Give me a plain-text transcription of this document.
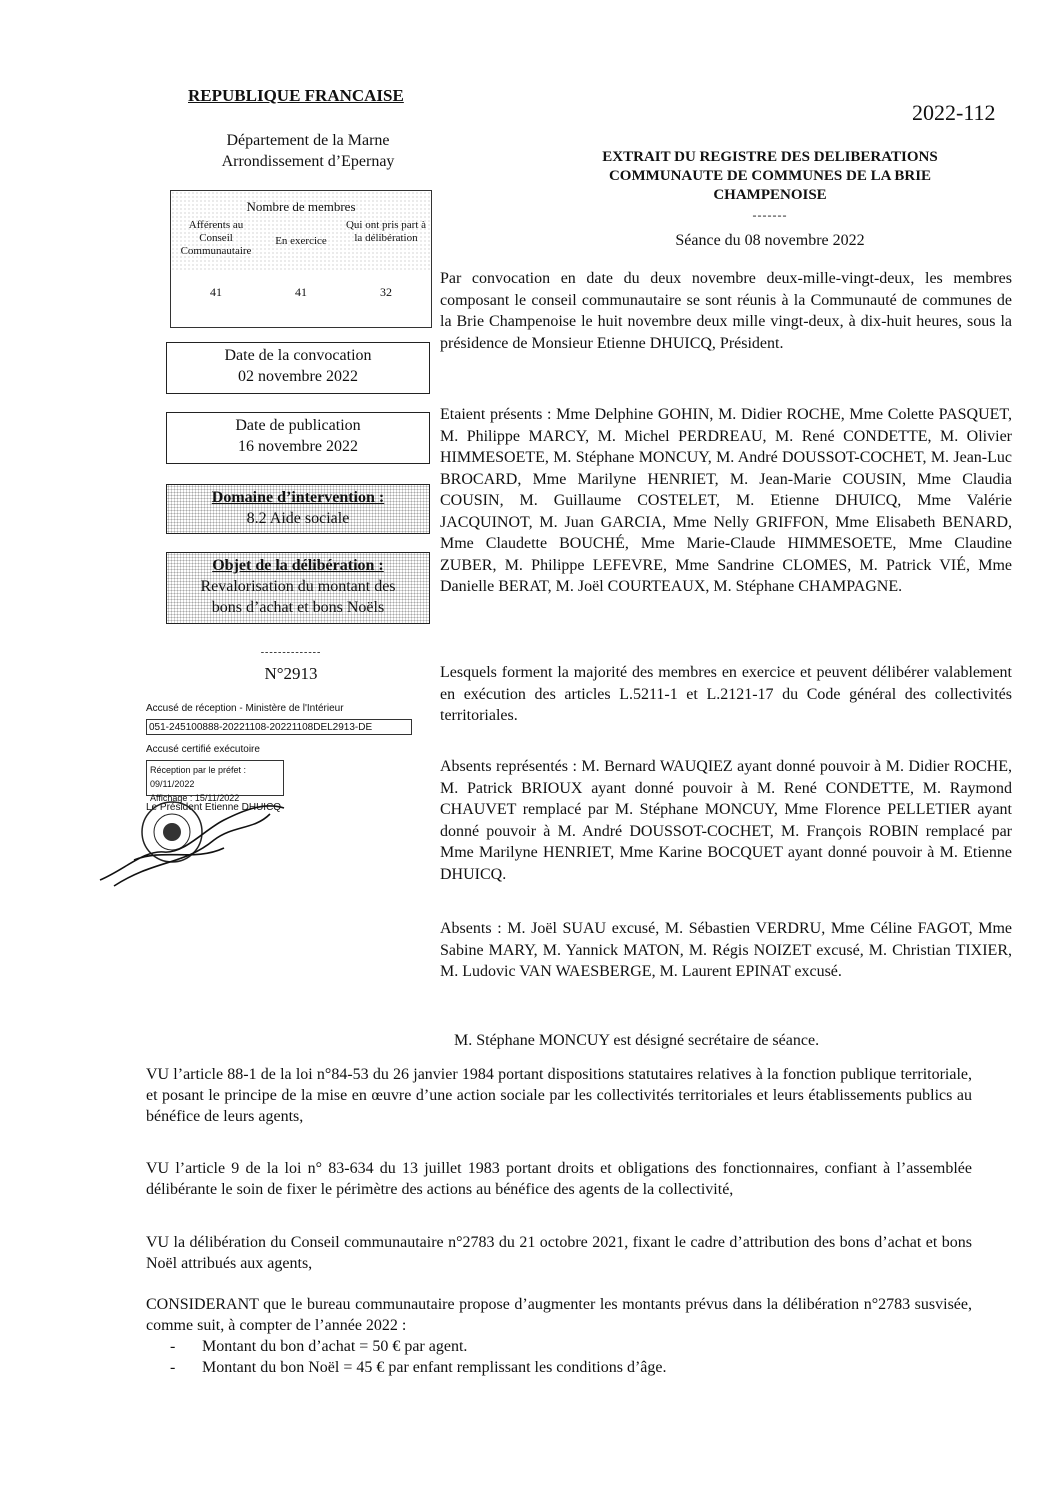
REPUBLIQUE FRANCAISE
2022-112
Département de la Marne
Arrondissement d’Epernay	EXTRAIT DU REGISTRE DES DELIBERATIONS
COMMUNAUTE DE COMMUNES DE LA BRIE
CHAMPENOISE
-------
Séance du 08 novembre 2022
Nombre de membres
Afférents au Conseil Communautaire
En exercice
Qui ont pris part à la délibération
41	41	32
Date de la convocation
02 novembre 2022
Date de publication
16 novembre 2022
Domaine d’intervention :
8.2 Aide sociale
Objet de la délibération :
Revalorisation du montant des
bons d’achat et bons Noëls
--------------
N°2913
Accusé de réception - Ministère de l'Intérieur
051-245100888-20221108-20221108DEL2913-DE
Accusé certifié exécutoire
Réception par le préfet : 09/11/2022
Affichage : 15/11/2022
Le Président Etienne DHUICQ
Par convocation en date du deux novembre deux-mille-vingt-deux, les membres composant le conseil communautaire se sont réunis à la Communauté de communes de la Brie Champenoise le huit novembre deux mille vingt-deux, à dix-huit heures, sous la présidence de Monsieur Etienne DHUICQ, Président.
Etaient présents : Mme Delphine GOHIN, M. Didier ROCHE, Mme Colette PASQUET, M. Philippe MARCY, M. Michel PERDREAU, M. René CONDETTE, M. Olivier HIMMESOETE, M. Stéphane MONCUY, M. André DOUSSOT-COCHET, M. Jean-Luc BROCARD, Mme Marilyne HENRIET, M. Jean-Marie COUSIN, Mme Claudia COUSIN, M. Guillaume COSTELET, M. Etienne DHUICQ, Mme Valérie JACQUINOT, M. Juan GARCIA, Mme Nelly GRIFFON, Mme Elisabeth BENARD, Mme Claudette BOUCHÉ, Mme Marie-Claude HIMMESOETE, Mme Claudine ZUBER, M. Philippe LEFEVRE, Mme Sandrine CLOMES, M. Patrick VIÉ, Mme Danielle BERAT, M. Joël COURTEAUX, M. Stéphane CHAMPAGNE.
Lesquels forment la majorité des membres en exercice et peuvent délibérer valablement en exécution des articles L.5211-1 et L.2121-17 du Code général des collectivités territoriales.
Absents représentés : M. Bernard WAUQIEZ ayant donné pouvoir à M. Didier ROCHE, M. Patrick BRIOUX ayant donné pouvoir à M. René CONDETTE, M. Raymond CHAUVET remplacé par M. Stéphane MONCUY, Mme Florence PELLETIER ayant donné pouvoir à M. André DOUSSOT-COCHET, M. François ROBIN remplacé par Mme Marilyne HENRIET, Mme Karine BOCQUET ayant donné pouvoir à M. Etienne DHUICQ.
Absents : M. Joël SUAU excusé, M. Sébastien VERDRU, Mme Céline FAGOT, Mme Sabine MARY, M. Yannick MATON, M. Régis NOIZET excusé, M. Christian TIXIER, M. Ludovic VAN WAESBERGE, M. Laurent EPINAT excusé.
M. Stéphane MONCUY est désigné secrétaire de séance.
VU l’article 88-1 de la loi n°84-53 du 26 janvier 1984 portant dispositions statutaires relatives à la fonction publique territoriale, et posant le principe de la mise en œuvre d’une action sociale par les collectivités territoriales et leurs établissements publics au bénéfice de leurs agents,
VU l’article 9 de la loi n° 83-634 du 13 juillet 1983 portant droits et obligations des fonctionnaires, confiant à l’assemblée délibérante le soin de fixer le périmètre des actions au bénéfice des agents de la collectivité,
VU la délibération du Conseil communautaire n°2783 du 21 octobre 2021, fixant le cadre d’attribution des bons d’achat et bons Noël attribués aux agents,
CONSIDERANT que le bureau communautaire propose d’augmenter les montants prévus dans la délibération n°2783 susvisée, comme suit, à compter de l’année 2022 :
- Montant du bon d’achat = 50 € par agent.
- Montant du bon Noël = 45 € par enfant remplissant les conditions d’âge.
